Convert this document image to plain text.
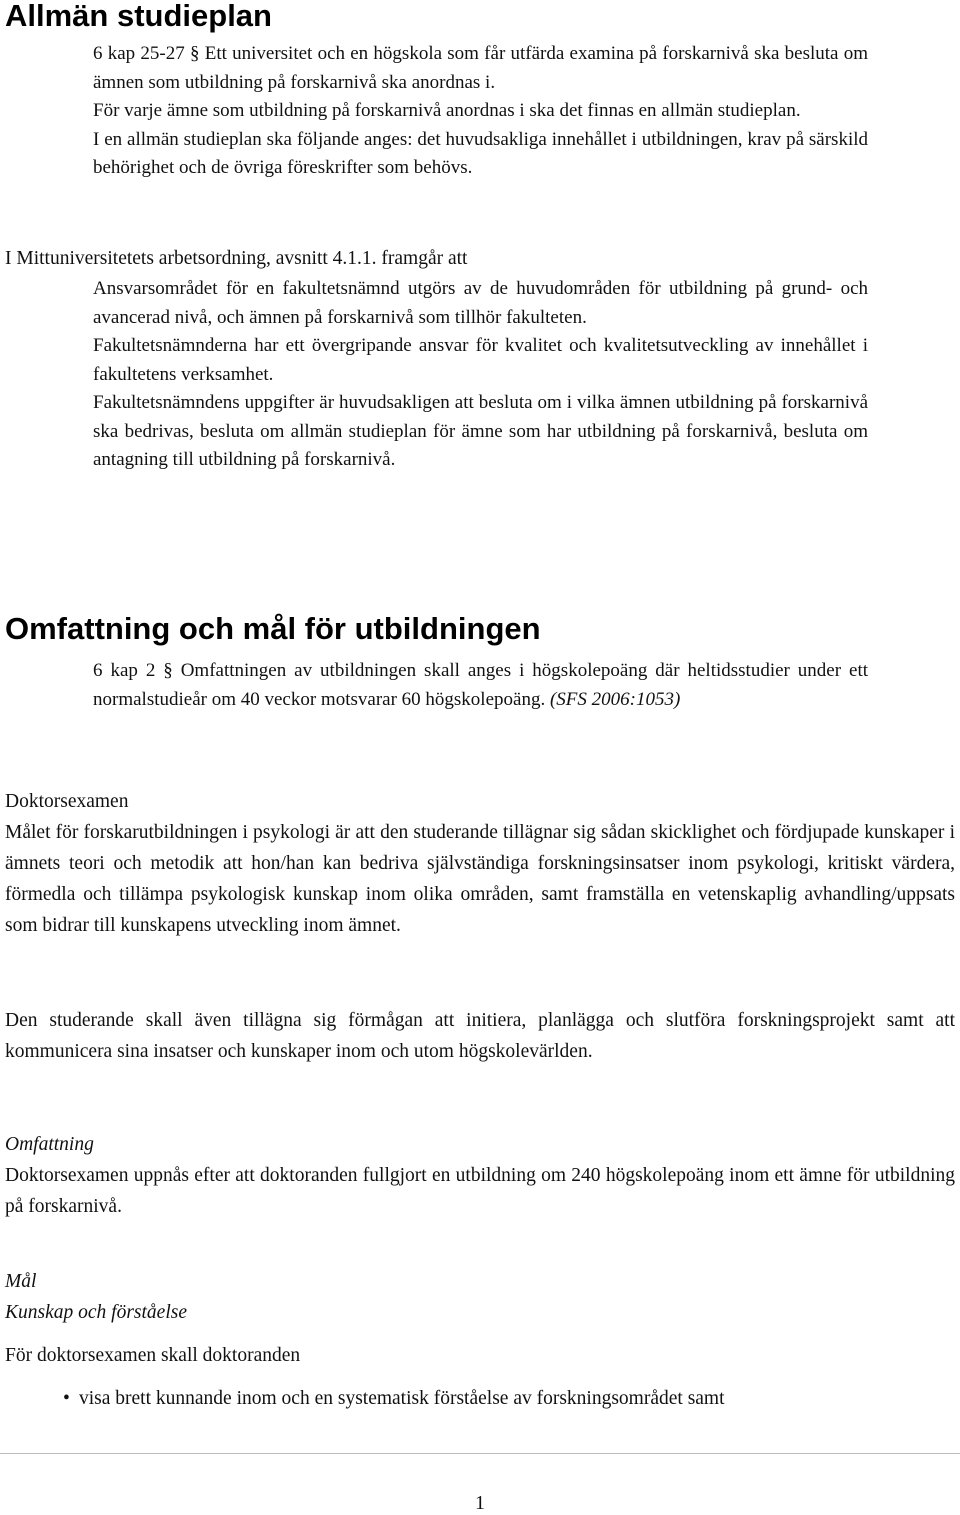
Allmän studieplan

6 kap 25-27 § Ett universitet och en högskola som får utfärda examina på forskarnivå ska besluta om ämnen som utbildning på forskarnivå ska anordnas i.

För varje ämne som utbildning på forskarnivå anordnas i ska det finnas en allmän studieplan.

I en allmän studieplan ska följande anges: det huvudsakliga innehållet i utbildningen, krav på särskild behörighet och de övriga föreskrifter som behövs.

I Mittuniversitetets arbetsordning, avsnitt 4.1.1. framgår att

Ansvarsområdet för en fakultetsnämnd utgörs av de huvudområden för utbildning på grund- och avancerad nivå, och ämnen på forskarnivå som tillhör fakulteten.

Fakultetsnämnderna har ett övergripande ansvar för kvalitet och kvalitetsutveckling av innehållet i fakultetens verksamhet.

Fakultetsnämndens uppgifter är huvudsakligen att besluta om i vilka ämnen utbildning på forskarnivå ska bedrivas, besluta om allmän studieplan för ämne som har utbildning på forskarnivå, besluta om antagning till utbildning på forskarnivå.

Omfattning och mål för utbildningen

6 kap 2 § Omfattningen av utbildningen skall anges i högskolepoäng där heltidsstudier under ett normalstudieår om 40 veckor motsvarar 60 högskolepoäng. (SFS 2006:1053)

Doktorsexamen

Målet för forskarutbildningen i psykologi är att den studerande tillägnar sig sådan skicklighet och fördjupade kunskaper i ämnets teori och metodik att hon/han kan bedriva självständiga forskningsinsatser inom psykologi, kritiskt värdera, förmedla och tillämpa psykologisk kunskap inom olika områden, samt framställa en vetenskaplig avhandling/uppsats som bidrar till kunskapens utveckling inom ämnet.

Den studerande skall även tillägna sig förmågan att initiera, planlägga och slutföra forskningsprojekt samt att kommunicera sina insatser och kunskaper inom och utom högskolevärlden.

Omfattning

Doktorsexamen uppnås efter att doktoranden fullgjort en utbildning om 240 högskolepoäng inom ett ämne för utbildning på forskarnivå.

Mål

Kunskap och förståelse

För doktorsexamen skall doktoranden
• visa brett kunnande inom och en systematisk förståelse av forskningsområdet samt
1
